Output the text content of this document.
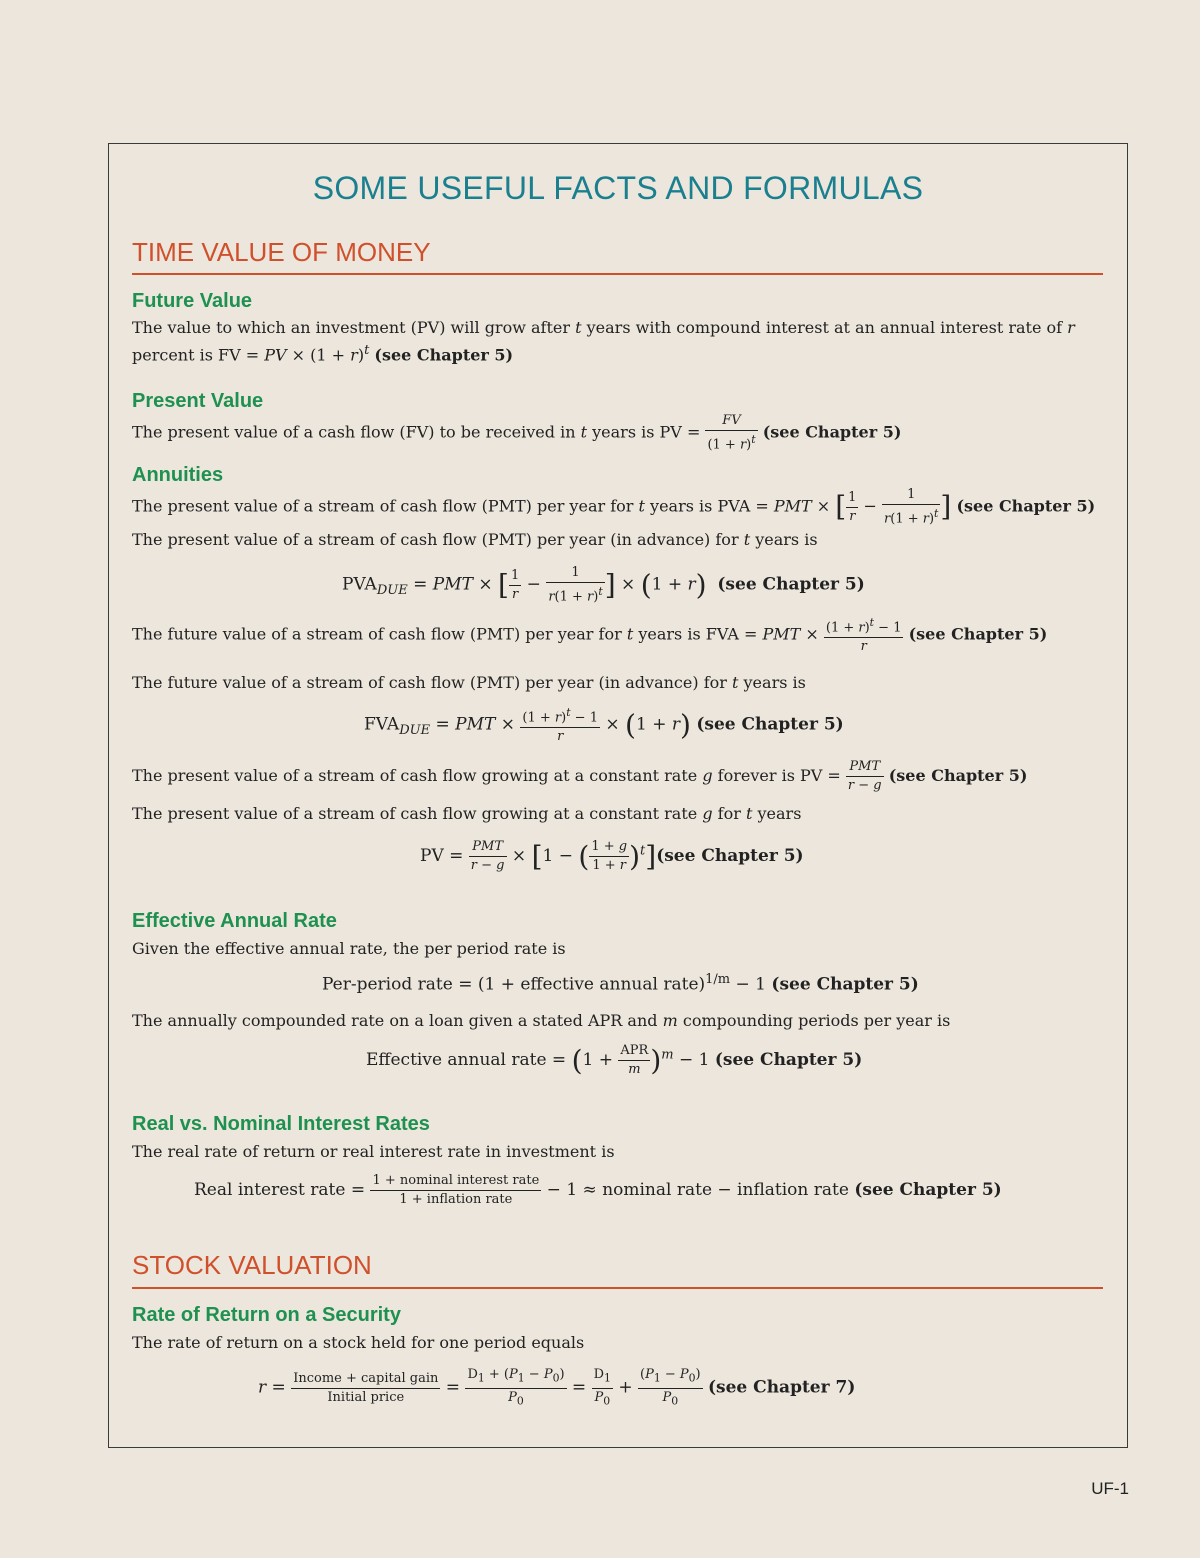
SOME USEFUL FACTS AND FORMULAS
TIME VALUE OF MONEY
Future Value
The value to which an investment (PV) will grow after t years with compound interest at an annual interest rate of r
percent is FV = PV × $(1 + r)^t$ (see Chapter 5)
Present Value
The present value of a cash flow (FV) to be received in t years is PV = $\frac{FV}{(1 + r)^t} (see$ Chapter 5)
Annuities
The present value of a stream of cash flow (PMT) per year for t years is PVA = PMT × [ $\frac{1}{r} - \frac{1}{r(1 + r)^t}$ ] (see Chapter 5)
The present value of a stream of cash flow (PMT) per year (in advance) for t years is
$PVA_{DUE}$ = PMT × [ $\frac{1}{r} - \frac{1}{r(1 + r)^t}$ ] × (1 + r) (see Chapter 5)
The future value of a stream of cash flow (PMT) per year for t years is FVA = PMT × $\frac{(1 + r)^t - 1}{r} (see$ Chapter 5)
The future value of a stream of cash flow (PMT) per year (in advance) for t years is
$FVA_{DUE}$ = PMT × $\frac{(1 + r)^t - 1}{r} \times (1 + r)$ (see Chapter 5)
The present value of a stream of cash flow growing at a constant rate g forever is PV = $\frac{\text{PMT}}{r - g} (see$ Chapter 5)
The present value of a stream of cash flow growing at a constant rate g for t years
PV = $\frac{\text{PMT}}{r - g} \times [1$ − ( $\frac{1 + g}{1 + r} )^t](see$ Chapter 5)
Effective Annual Rate
Given the effective annual rate, the per period rate is
Per-period rate = (1 + effective annual rate)$^{1/m}$ − 1 (see Chapter 5)
The annually compounded rate on a loan given a stated APR and m compounding periods per year is
Effective annual rate = $(1 + \frac{\text{APR}}{m} )^m - 1$ (see Chapter 5)
Real vs. Nominal Interest Rates
The real rate of return or real interest rate in investment is
Real interest rate = $\frac{\text{1 + nominal interest rate}}{\text{1 + inflation rate}} - 1$ ≈ nominal rate − inflation rate (see Chapter 5)
STOCK VALUATION
Rate of Return on a Security
The rate of return on a stock held for one period equals
$r = \frac{\text{Income + capital gain}}{\text{Initial price}} = \frac{D_1 + (P_1 - P_0)}{P_0} = \frac{D_1}{P_0} + \frac{(P_1 - P_0)}{P_0} (see$ Chapter 7)
UF-1
